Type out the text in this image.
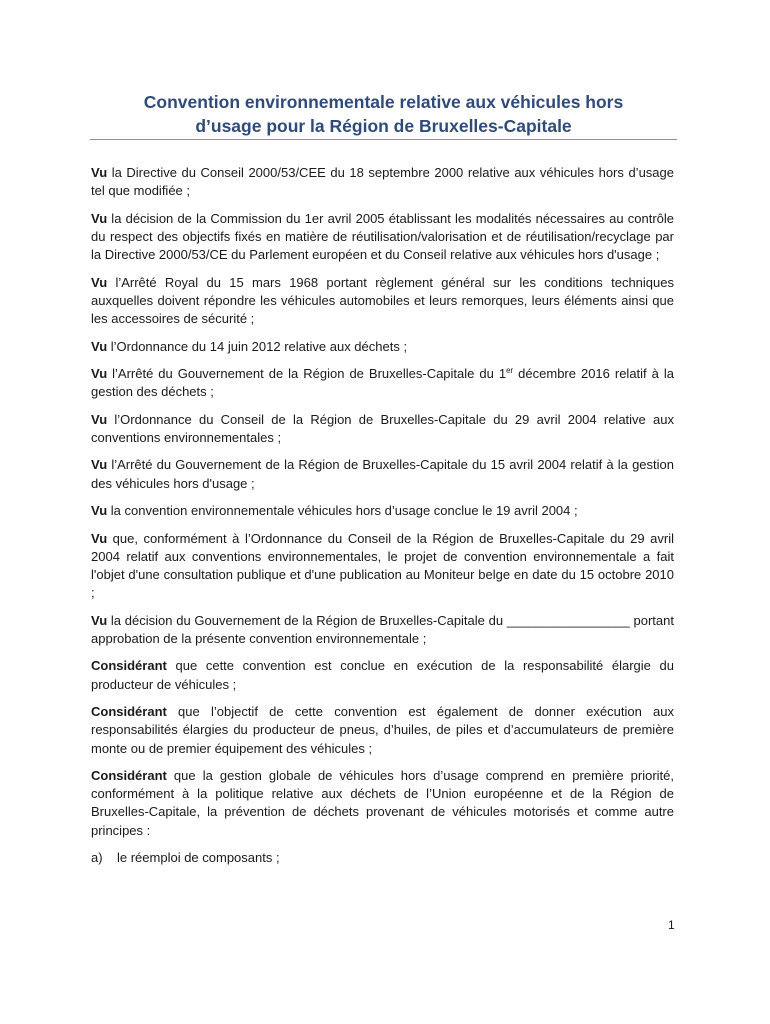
Convention environnementale relative aux véhicules hors
d’usage pour la Région de Bruxelles-Capitale

Vu la Directive du Conseil 2000/53/CEE du 18 septembre 2000 relative aux véhicules hors d’usage tel que modifiée ;

Vu la décision de la Commission du 1er avril 2005 établissant les modalités nécessaires au contrôle du respect des objectifs fixés en matière de réutilisation/valorisation et de réutilisation/recyclage par la Directive 2000/53/CE du Parlement européen et du Conseil relative aux véhicules hors d'usage ;

Vu l’Arrêté Royal du 15 mars 1968 portant règlement général sur les conditions techniques auxquelles doivent répondre les véhicules automobiles et leurs remorques, leurs éléments ainsi que les accessoires de sécurité ;

Vu l’Ordonnance du 14 juin 2012 relative aux déchets ;

Vu l’Arrêté du Gouvernement de la Région de Bruxelles-Capitale du 1er décembre 2016 relatif à la gestion des déchets ;

Vu l’Ordonnance du Conseil de la Région de Bruxelles-Capitale du 29 avril 2004 relative aux conventions environnementales ;

Vu l’Arrêté du Gouvernement de la Région de Bruxelles-Capitale du 15 avril 2004 relatif à la gestion des véhicules hors d'usage ;

Vu la convention environnementale véhicules hors d’usage conclue le 19 avril 2004 ;

Vu que, conformément à l’Ordonnance du Conseil de la Région de Bruxelles-Capitale du 29 avril 2004 relatif aux conventions environnementales, le projet de convention environnementale a fait l'objet d'une consultation publique et d'une publication au Moniteur belge en date du 15 octobre 2010 ;

Vu la décision du Gouvernement de la Région de Bruxelles-Capitale du _________________ portant approbation de la présente convention environnementale ;

Considérant que cette convention est conclue en exécution de la responsabilité élargie du producteur de véhicules ;

Considérant que l’objectif de cette convention est également de donner exécution aux responsabilités élargies du producteur de pneus, d’huiles, de piles et d’accumulateurs de première monte ou de premier équipement des véhicules ;

Considérant que la gestion globale de véhicules hors d’usage comprend en première priorité, conformément à la politique relative aux déchets de l’Union européenne et de la Région de Bruxelles-Capitale, la prévention de déchets provenant de véhicules motorisés et comme autre principes :

a) le réemploi de composants ;

1
